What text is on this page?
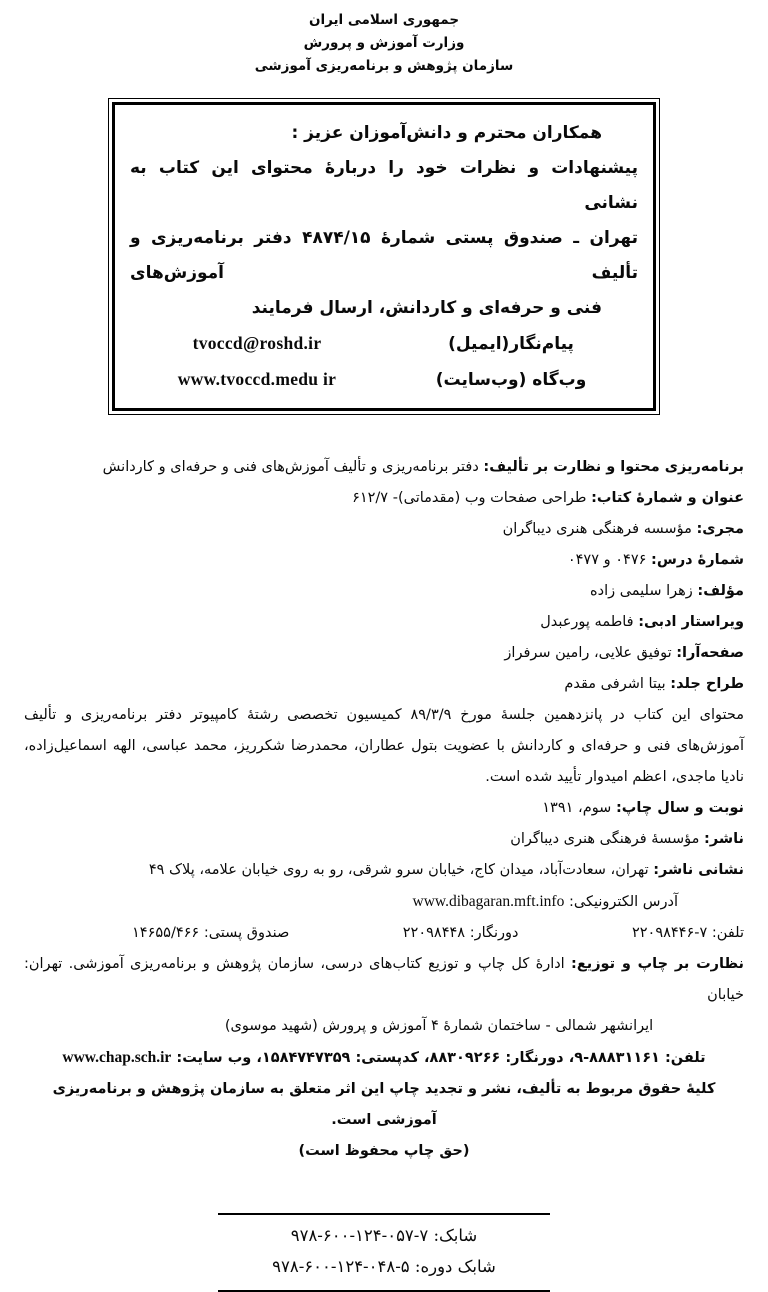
جمهوری اسلامی ایران
وزارت آموزش و پرورش
سازمان پژوهش و برنامه‌ریزی آموزشی
همکاران محترم و دانش‌آموزان عزیز :
پیشنهادات و نظرات خود را دربارهٔ محتوای این کتاب به نشانی
تهران ـ صندوق پستی شمارهٔ ۴۸۷۴/۱۵ دفتر برنامه‌ریزی و تألیف آموزش‌های
فنی و حرفه‌ای و کاردانش، ارسال فرمایند
پیام‌نگار(ایمیل)
tvoccd@roshd.ir
وب‌گاه (وب‌سایت)
www.tvoccd.medu ir
برنامه‌ریزی محتوا و نظارت بر تألیف: دفتر برنامه‌ریزی و تألیف آموزش‌های فنی و حرفه‌ای و کاردانش
عنوان و شمارهٔ کتاب: طراحی صفحات وب (مقدماتی)- ۶۱۲/۷
مجری: مؤسسه فرهنگی هنری دیباگران
شمارهٔ درس: ۰۴۷۶ و ۰۴۷۷
مؤلف: زهرا سلیمی زاده
ویراستار ادبی: فاطمه پورعبدل
صفحه‌آرا: توفیق علایی، رامین سرفراز
طراح جلد: بیتا اشرفی مقدم
محتوای این کتاب در پانزدهمین جلسهٔ مورخ ۸۹/۳/۹ کمیسیون تخصصی رشتهٔ کامپیوتر دفتر برنامه‌ریزی و تألیف آموزش‌های فنی و حرفه‌ای و کاردانش با عضویت بتول عطاران، محمدرضا شکرریز، محمد عباسی، الهه اسماعیل‌زاده، نادیا ماجدی، اعظم امیدوار تأیید شده است.
نوبت و سال چاپ: سوم، ۱۳۹۱
ناشر: مؤسسهٔ فرهنگی هنری دیباگران
نشانی ناشر: تهران، سعادت‌آباد، میدان کاج، خیابان سرو شرقی، رو به روی خیابان علامه، پلاک ۴۹
آدرس الکترونیکی: www.dibagaran.mft.info
تلفن: ۲۲۰۹۸۴۴۶-۷
دورنگار: ۲۲۰۹۸۴۴۸
صندوق پستی: ۱۴۶۵۵/۴۶۶
نظارت بر چاپ و توزیع: ادارهٔ کل چاپ و توزیع کتاب‌های درسی، سازمان پژوهش و برنامه‌ریزی آموزشی. تهران: خیابان
ایرانشهر شمالی - ساختمان شمارهٔ ۴ آموزش و پرورش (شهید موسوی)
تلفن: ۸۸۸۳۱۱۶۱-۹، دورنگار: ۸۸۳۰۹۲۶۶، کدپستی: ۱۵۸۴۷۴۷۳۵۹، وب سایت: www.chap.sch.ir
کلیهٔ حقوق مربوط به تألیف، نشر و تجدید چاپ این اثر متعلق به سازمان پژوهش و برنامه‌ریزی آموزشی است.
(حق چاپ محفوظ است)
شابک: ۹۷۸-۶۰۰-۱۲۴-۰۵۷-۷
شابک دوره: ۹۷۸-۶۰۰-۱۲۴-۰۴۸-۵
